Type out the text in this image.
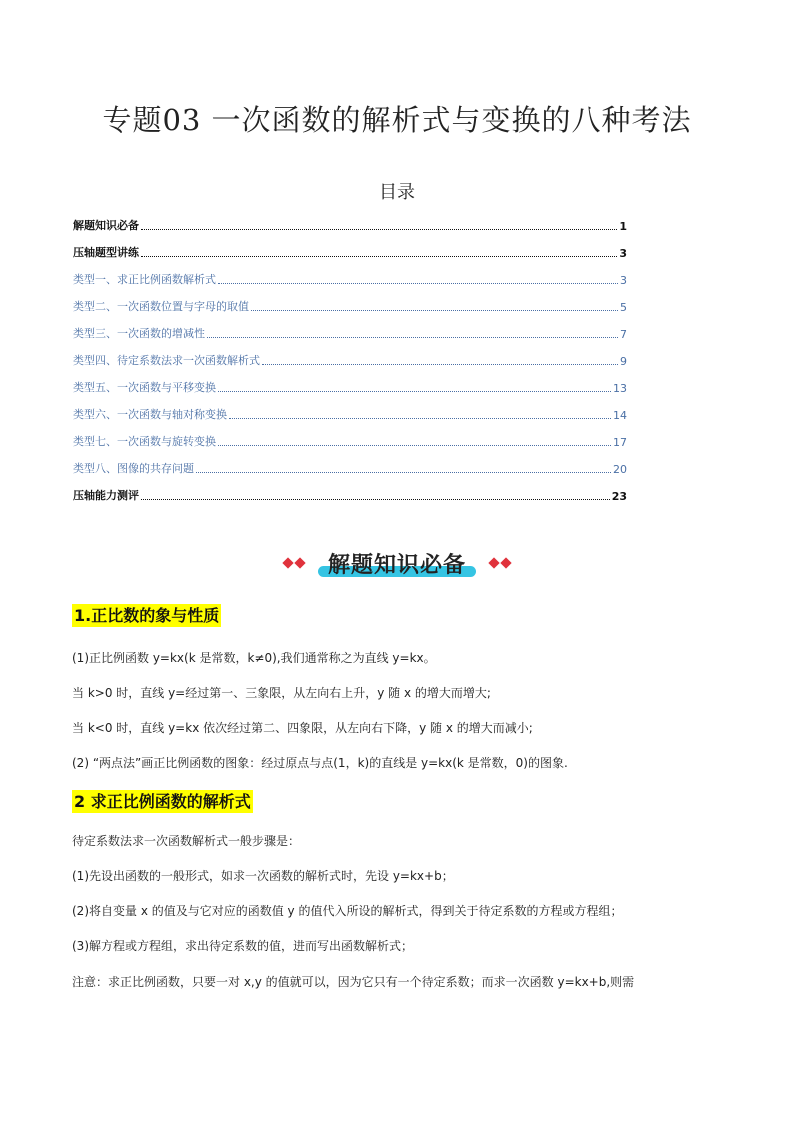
专题03 一次函数的解析式与变换的八种考法
目录
解题知识必备	1
压轴题型讲练	3
类型一、求正比例函数解析式	3
类型二、一次函数位置与字母的取值	5
类型三、一次函数的增减性	7
类型四、待定系数法求一次函数解析式	9
类型五、一次函数与平移变换	13
类型六、一次函数与轴对称变换	14
类型七、一次函数与旋转变换	17
类型八、图像的共存问题	20
压轴能力测评	23
解题知识必备
1.正比数的象与性质
(1)正比例函数 y=kx(k 是常数，k≠0),我们通常称之为直线 y=kx。
当 k>0 时，直线 y=经过第一、三象限，从左向右上升，y 随 x 的增大而增大;
当 k<0 时，直线 y=kx 依次经过第二、四象限，从左向右下降，y 随 x 的增大而减小;
(2) “两点法”画正比例函数的图象：经过原点与点(1，k)的直线是 y=kx(k 是常数，0)的图象.
2 求正比例函数的解析式
待定系数法求一次函数解析式一般步骤是：
(1)先设出函数的一般形式，如求一次函数的解析式时，先设 y=kx+b；
(2)将自变量 x 的值及与它对应的函数值 y 的值代入所设的解析式，得到关于待定系数的方程或方程组；
(3)解方程或方程组，求出待定系数的值，进而写出函数解析式；
注意：求正比例函数，只要一对 x,y 的值就可以，因为它只有一个待定系数；而求一次函数 y=kx+b,则需
